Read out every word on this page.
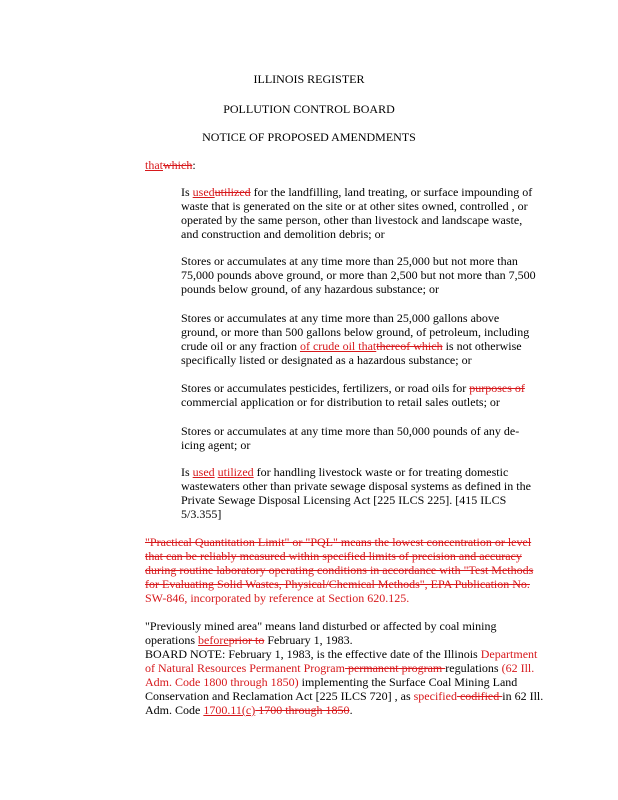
ILLINOIS REGISTER
POLLUTION CONTROL BOARD
NOTICE OF PROPOSED AMENDMENTS
thatwhich:
Is usedutilized for the landfilling, land treating, or surface impounding of
waste that is generated on the site or at other sites owned, controlled , or
operated by the same person, other than livestock and landscape waste,
and construction and demolition debris; or
Stores or accumulates at any time more than 25,000 but not more than
75,000 pounds above ground, or more than 2,500 but not more than 7,500
pounds below ground, of any hazardous substance; or
Stores or accumulates at any time more than 25,000 gallons above
ground, or more than 500 gallons below ground, of petroleum, including
crude oil or any fraction of crude oil thatthereof which is not otherwise
specifically listed or designated as a hazardous substance; or
Stores or accumulates pesticides, fertilizers, or road oils for purposes of
commercial application or for distribution to retail sales outlets; or
Stores or accumulates at any time more than 50,000 pounds of any de-
icing agent; or
Is used utilized for handling livestock waste or for treating domestic
wastewaters other than private sewage disposal systems as defined in the
Private Sewage Disposal Licensing Act [225 ILCS 225]. [415 ILCS
5/3.355]
"Practical Quantitation Limit" or "PQL" means the lowest concentration or level
that can be reliably measured within specified limits of precision and accuracy
during routine laboratory operating conditions in accordance with "Test Methods
for Evaluating Solid Wastes, Physical/Chemical Methods", EPA Publication No.
SW-846, incorporated by reference at Section 620.125.
"Previously mined area" means land disturbed or affected by coal mining
operations beforeprior to February 1, 1983.
BOARD NOTE: February 1, 1983, is the effective date of the Illinois Department
of Natural Resources Permanent Program permanent program regulations (62 Ill.
Adm. Code 1800 through 1850) implementing the Surface Coal Mining Land
Conservation and Reclamation Act [225 ILCS 720] , as specified codified in 62 Ill.
Adm. Code 1700.11(c) 1700 through 1850.
